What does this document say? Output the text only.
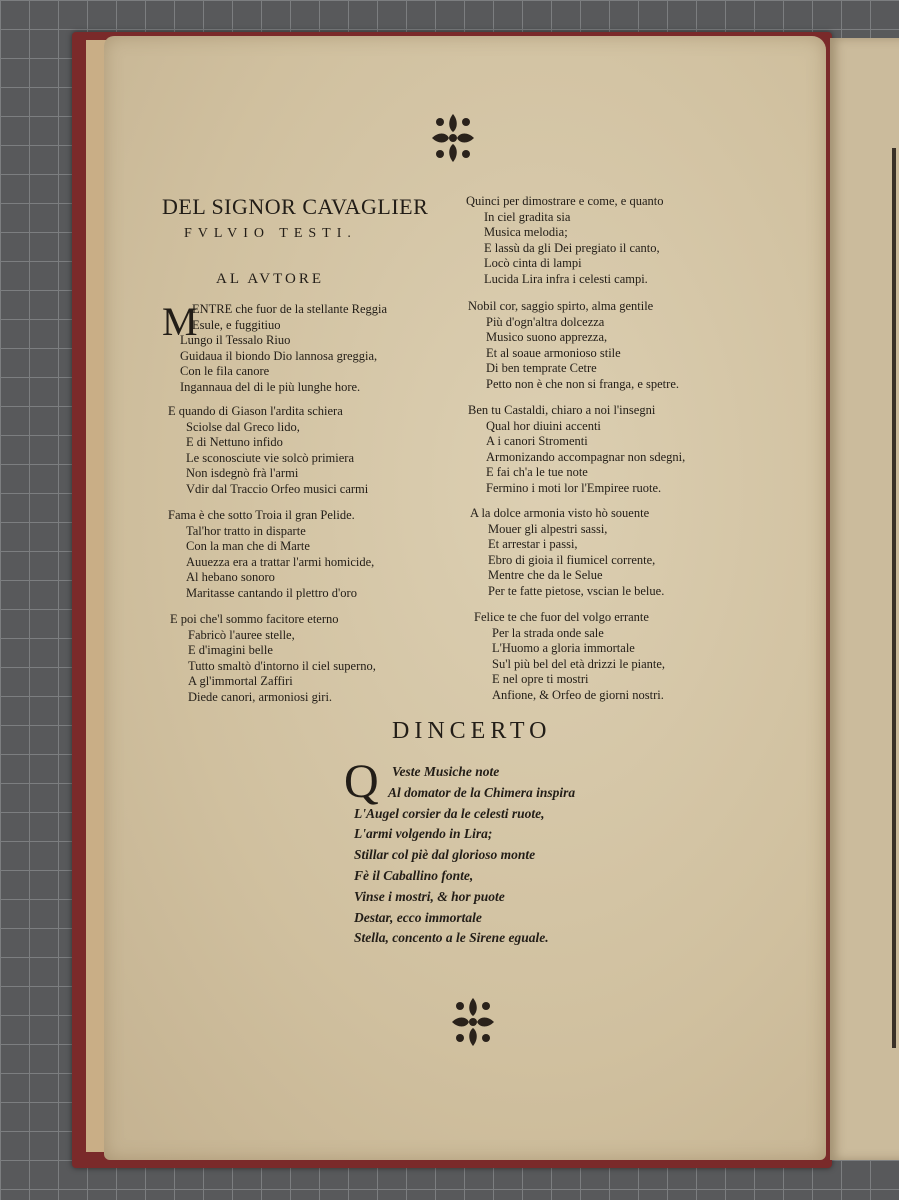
DEL SIGNOR CAVAGLIER
FVLVIO TESTI.
AL AVTORE
M
ENTRE che fuor de la stellante Reggia
Esule, e fuggitiuo
Lungo il Tessalo Riuo
Guidaua il biondo Dio lannosa greggia,
Con le fila canore
Ingannaua del di le più lunghe hore.
E quando di Giason l'ardita schiera
Sciolse dal Greco lido,
E di Nettuno infido
Le sconosciute vie solcò primiera
Non isdegnò frà l'armi
Vdir dal Traccio Orfeo musici carmi
Fama è che sotto Troia il gran Pelide.
Tal'hor tratto in disparte
Con la man che di Marte
Auuezza era a trattar l'armi homicide,
Al hebano sonoro
Maritasse cantando il plettro d'oro
E poi che'l sommo facitore eterno
Fabricò l'auree stelle,
E d'imagini belle
Tutto smaltò d'intorno il ciel superno,
A gl'immortal Zaffiri
Diede canori, armoniosi giri.
Quinci per dimostrare e come, e quanto
In ciel gradita sia
Musica melodia;
E lassù da gli Dei pregiato il canto,
Locò cinta di lampi
Lucida Lira infra i celesti campi.
Nobil cor, saggio spirto, alma gentile
Più d'ogn'altra dolcezza
Musico suono apprezza,
Et al soaue armonioso stile
Di ben temprate Cetre
Petto non è che non si franga, e spetre.
Ben tu Castaldi, chiaro a noi l'insegni
Qual hor diuini accenti
A i canori Stromenti
Armonizando accompagnar non sdegni,
E fai ch'a le tue note
Fermino i moti lor l'Empiree ruote.
A la dolce armonia visto hò souente
Mouer gli alpestri sassi,
Et arrestar i passi,
Ebro di gioia il fiumicel corrente,
Mentre che da le Selue
Per te fatte pietose, vscian le belue.
Felice te che fuor del volgo errante
Per la strada onde sale
L'Huomo a gloria immortale
Su'l più bel del età drizzi le piante,
E nel opre ti mostri
Anfione, & Orfeo de giorni nostri.
DINCERTO
Q Veste Musiche note
Al domator de la Chimera inspira
L'Augel corsier da le celesti ruote,
L'armi volgendo in Lira;
Stillar col piè dal glorioso monte
Fè il Caballino fonte,
Vinse i mostri, & hor puote
Destar, ecco immortale
Stella, concento a le Sirene eguale.
